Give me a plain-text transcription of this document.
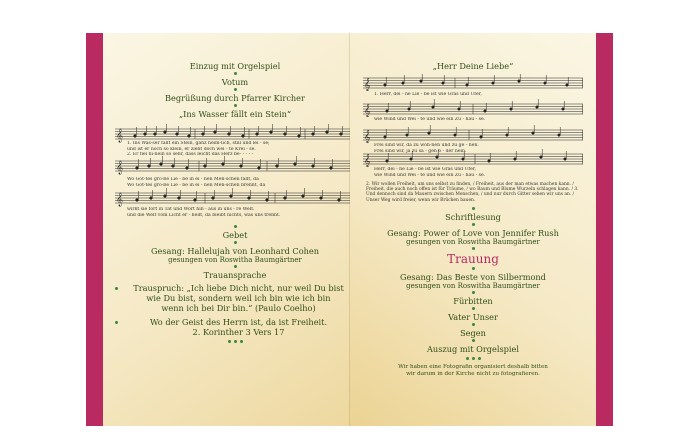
Einzug mit Orgelspiel
Votum
Begrüßung durch Pfarrer Kircher
„Ins Wasser fällt ein Stein“
𝄞
𝄞
𝄞
1. Ins Was-ser fällt ein Stein, ganz heim-lich, still und lei - se;
und ist er noch so klein, er zieht doch wei - te Krei - se.
2. Er fiel hi-nein so sehr, dass leicht das Herz be- - - - -
Wo Got-tes gro-ße Lie - be in ei - nen Men-schen fällt, da
Wo Got-tes gro-ße Lie - be in ei - nen Men-schen brennt, da
wirkt sie fort in Tat und Wort hin - aus in uns - re Welt.
und die Welt vom Licht er - hellt, da bleibt nichts, was uns trennt.
Gebet
Gesang: Hallelujah von Leonhard Cohen
gesungen von Roswitha Baumgärtner
Trauansprache
Trauspruch: „Ich liebe Dich nicht, nur weil Du bist
wie Du bist, sondern weil ich bin wie ich bin
wenn ich bei Dir bin.“ (Paulo Coelho)
Wo der Geist des Herrn ist, da ist Freiheit.
2. Korinther 3 Vers 17
„Herr Deine Liebe“
𝄞
𝄞
𝄞
𝄞
1. Herr, dei - ne Lie - be ist wie Gras und Ufer,
wie Wind und Wei - te und wie ein Zu - hau - se.
Frei sind wir, da zu woh-nen und zu ge - hen.
Frei sind wir, ja zu sa - gen o - der nein.
Herr, dei - ne Lie - be ist wie Gras und Ufer,
wie Wind und Wei - te und wie ein Zu - hau - se.
2. Wir wollen Freiheit, um uns selbst zu finden, / Freiheit, aus der man etwas machen kann. / Freiheit, die auch noch offen ist für Träume, / wo Baum und Blume Wurzeln schlagen kann. / 3. Und dennoch sind da Mauern zwischen Menschen, / und nur durch Gitter sehen wir uns an. / Unser Weg wird freier, wenn wir Brücken bauen.
Schriftlesung
Gesang: Power of Love von Jennifer Rush
gesungen von Roswitha Baumgärtner
Trauung
Gesang: Das Beste von Silbermond
gesungen von Roswitha Baumgärtner
Fürbitten
Vater Unser
Segen
Auszug mit Orgelspiel
Wir haben eine Fotografin organisiert deshalb bitten
wir darum in der Kirche nicht zu fotografieren.
